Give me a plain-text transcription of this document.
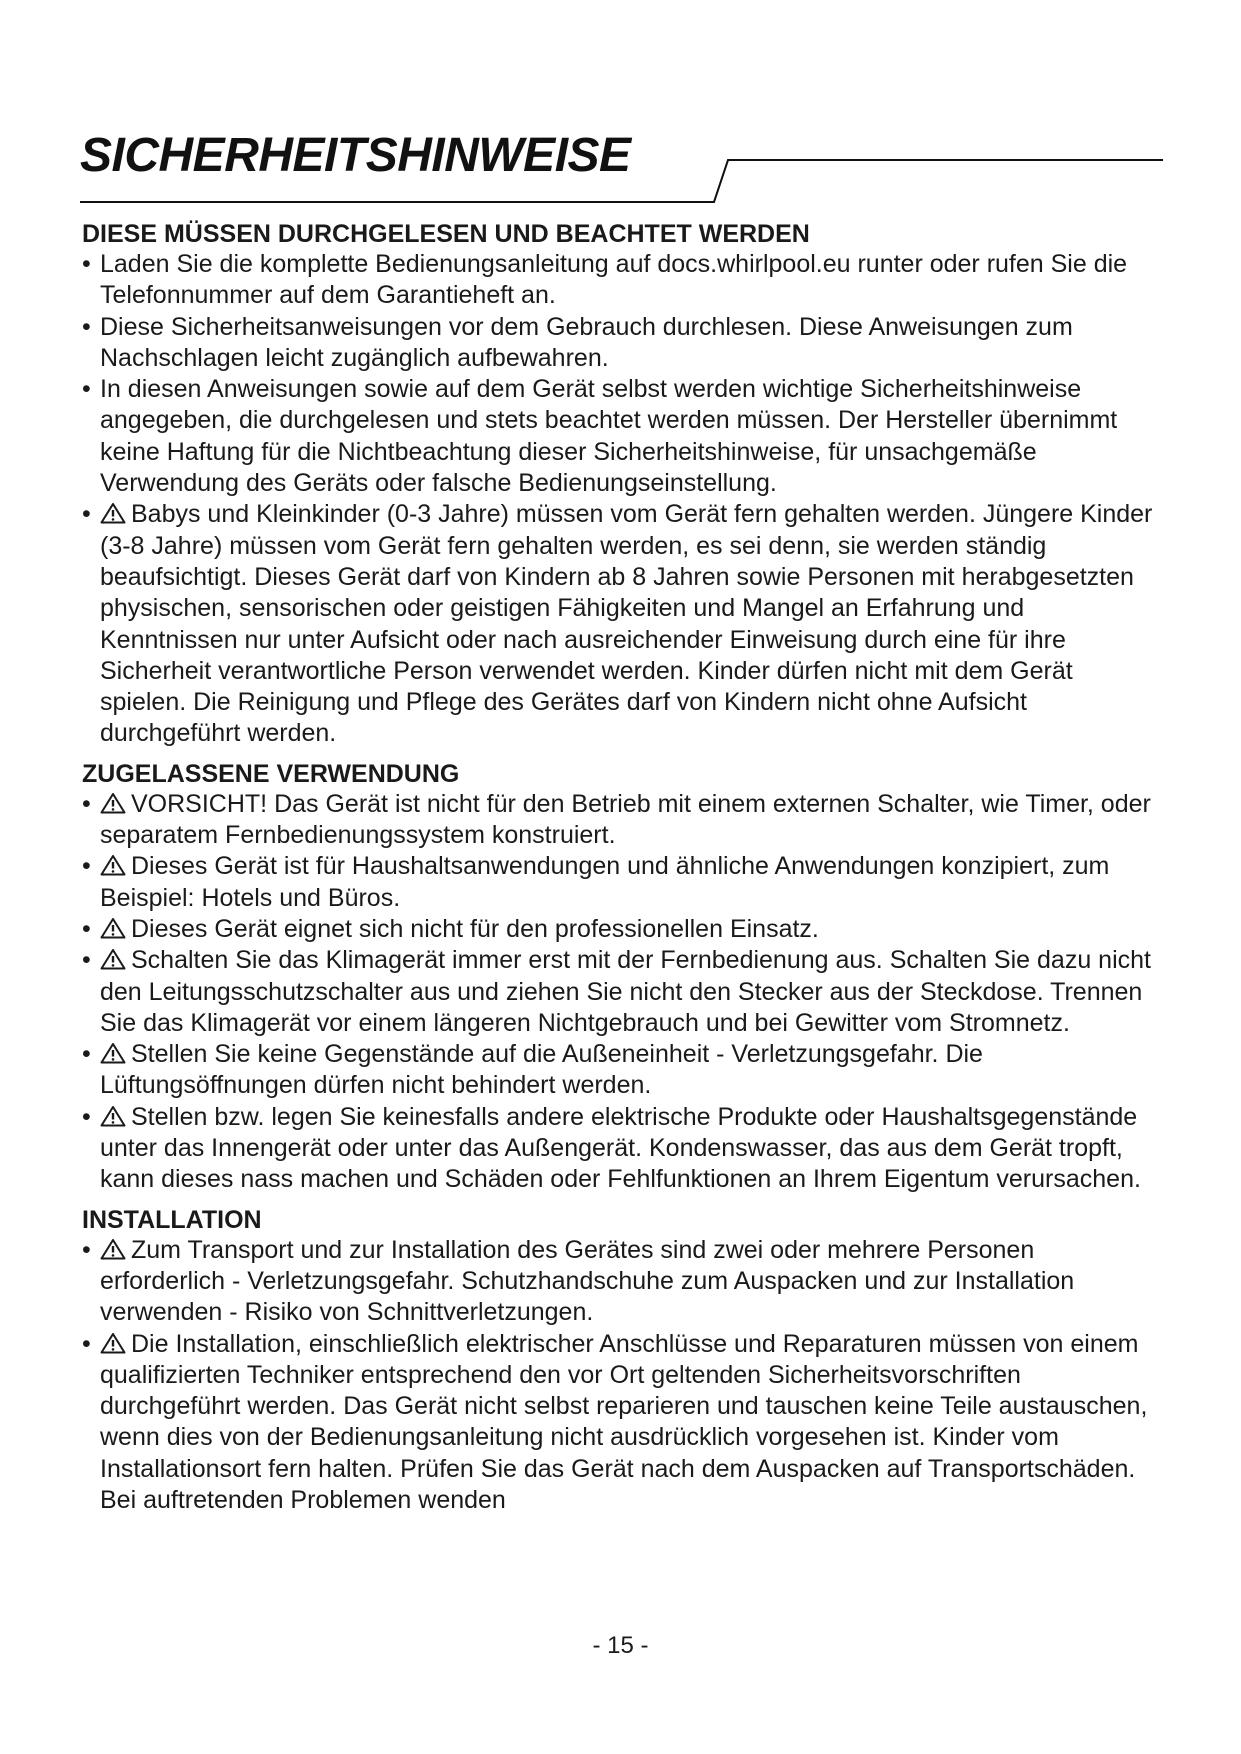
SICHERHEITSHINWEISE
DIESE MÜSSEN DURCHGELESEN UND BEACHTET WERDEN
• Laden Sie die komplette Bedienungsanleitung auf docs.whirlpool.eu runter oder rufen Sie die Telefonnummer auf dem Garantieheft an.
• Diese Sicherheitsanweisungen vor dem Gebrauch durchlesen. Diese Anweisungen zum Nachschlagen leicht zugänglich aufbewahren.
• In diesen Anweisungen sowie auf dem Gerät selbst werden wichtige Sicherheitshinweise angegeben, die durchgelesen und stets beachtet werden müssen. Der Hersteller übernimmt keine Haftung für die Nichtbeachtung dieser Sicherheitshinweise, für unsachgemäße Verwendung des Geräts oder falsche Bedienungseinstellung.
• Babys und Kleinkinder (0-3 Jahre) müssen vom Gerät fern gehalten werden. Jüngere Kinder (3-8 Jahre) müssen vom Gerät fern gehalten werden, es sei denn, sie werden ständig beaufsichtigt. Dieses Gerät darf von Kindern ab 8 Jahren sowie Personen mit herabgesetzten physischen, sensorischen oder geistigen Fähigkeiten und Mangel an Erfahrung und Kenntnissen nur unter Aufsicht oder nach ausreichender Einweisung durch eine für ihre Sicherheit verantwortliche Person verwendet werden. Kinder dürfen nicht mit dem Gerät spielen. Die Reinigung und Pflege des Gerätes darf von Kindern nicht ohne Aufsicht durchgeführt werden.
ZUGELASSENE VERWENDUNG
• VORSICHT! Das Gerät ist nicht für den Betrieb mit einem externen Schalter, wie Timer, oder separatem Fernbedienungssystem konstruiert.
• Dieses Gerät ist für Haushaltsanwendungen und ähnliche Anwendungen konzipiert, zum Beispiel: Hotels und Büros.
• Dieses Gerät eignet sich nicht für den professionellen Einsatz.
• Schalten Sie das Klimagerät immer erst mit der Fernbedienung aus. Schalten Sie dazu nicht den Leitungsschutzschalter aus und ziehen Sie nicht den Stecker aus der Steckdose. Trennen Sie das Klimagerät vor einem längeren Nichtgebrauch und bei Gewitter vom Stromnetz.
• Stellen Sie keine Gegenstände auf die Außeneinheit - Verletzungsgefahr. Die Lüftungsöffnungen dürfen nicht behindert werden.
• Stellen bzw. legen Sie keinesfalls andere elektrische Produkte oder Haushaltsgegenstände unter das Innengerät oder unter das Außengerät. Kondenswasser, das aus dem Gerät tropft, kann dieses nass machen und Schäden oder Fehlfunktionen an Ihrem Eigentum verursachen.
INSTALLATION
• Zum Transport und zur Installation des Gerätes sind zwei oder mehrere Personen erforderlich - Verletzungsgefahr. Schutzhandschuhe zum Auspacken und zur Installation verwenden - Risiko von Schnittverletzungen.
• Die Installation, einschließlich elektrischer Anschlüsse und Reparaturen müssen von einem qualifizierten Techniker entsprechend den vor Ort geltenden Sicherheitsvorschriften durchgeführt werden. Das Gerät nicht selbst reparieren und tauschen keine Teile austauschen, wenn dies von der Bedienungsanleitung nicht ausdrücklich vorgesehen ist. Kinder vom Installationsort fern halten. Prüfen Sie das Gerät nach dem Auspacken auf Transportschäden. Bei auftretenden Problemen wenden
- 15 -
